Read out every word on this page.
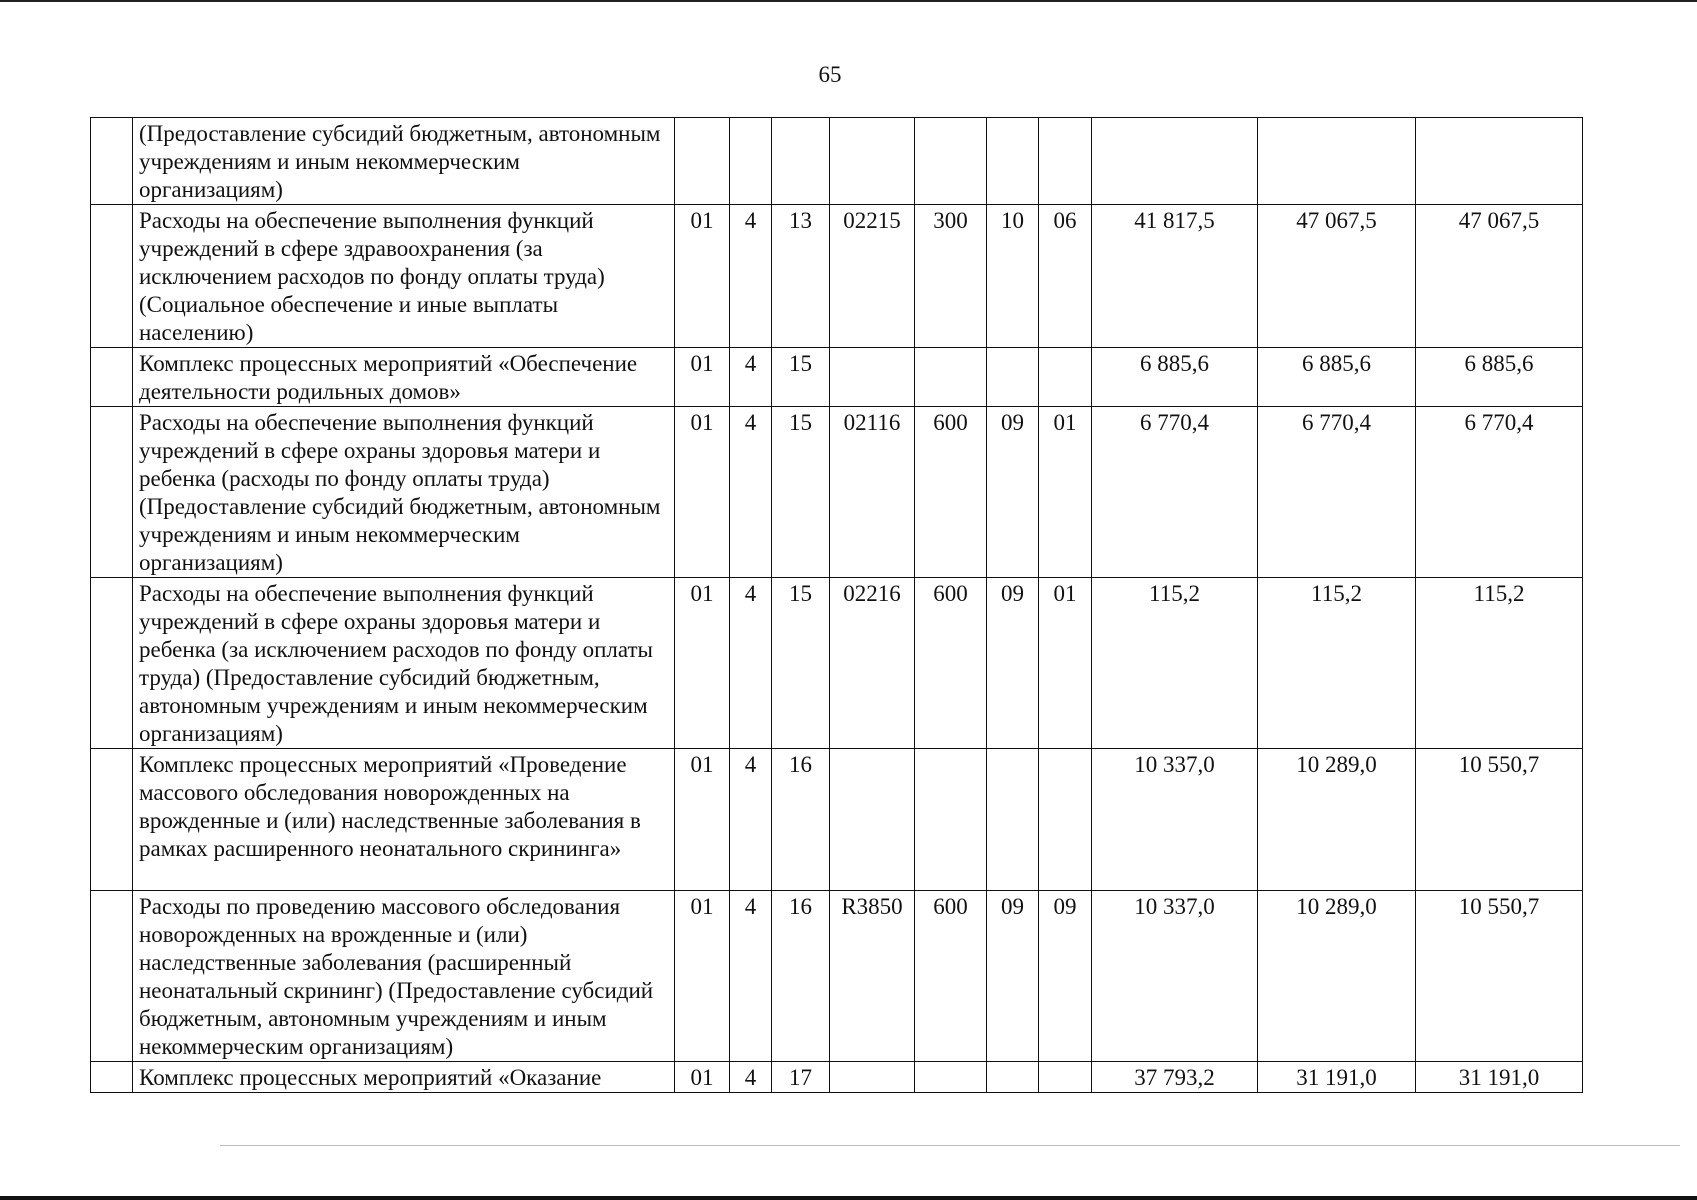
65
	(Предоставление субсидий бюджетным, автономным учреждениям и иным некоммерческим организациям)										
	Расходы на обеспечение выполнения функций учреждений в сфере здравоохранения (за исключением расходов по фонду оплаты труда) (Социальное обеспечение и иные выплаты населению)	01	4	13	02215	300	10	06	41 817,5	47 067,5	47 067,5
	Комплекс процессных мероприятий «Обеспечение деятельности родильных домов»	01	4	15					6 885,6	6 885,6	6 885,6
	Расходы на обеспечение выполнения функций учреждений в сфере охраны здоровья матери и ребенка (расходы по фонду оплаты труда) (Предоставление субсидий бюджетным, автономным учреждениям и иным некоммерческим организациям)	01	4	15	02116	600	09	01	6 770,4	6 770,4	6 770,4
	Расходы на обеспечение выполнения функций учреждений в сфере охраны здоровья матери и ребенка (за исключением расходов по фонду оплаты труда) (Предоставление субсидий бюджетным, автономным учреждениям и иным некоммерческим организациям)	01	4	15	02216	600	09	01	115,2	115,2	115,2
	Комплекс процессных мероприятий «Проведение массового обследования новорожденных на врожденные и (или) наследственные заболевания в рамках расширенного неонатального скрининга»	01	4	16					10 337,0	10 289,0	10 550,7
	Расходы по проведению массового обследования новорожденных на врожденные и (или) наследственные заболевания (расширенный неонатальный скрининг) (Предоставление субсидий бюджетным, автономным учреждениям и иным некоммерческим организациям)	01	4	16	R3850	600	09	09	10 337,0	10 289,0	10 550,7
	Комплекс процессных мероприятий «Оказание	01	4	17					37 793,2	31 191,0	31 191,0
